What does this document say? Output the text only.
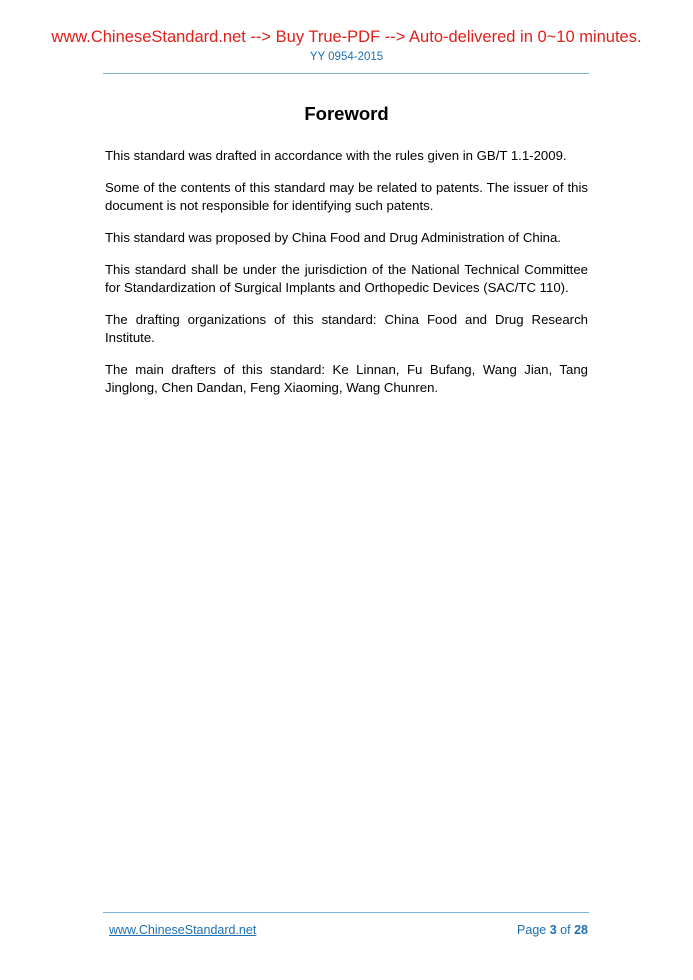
www.ChineseStandard.net --> Buy True-PDF --> Auto-delivered in 0~10 minutes.
YY 0954-2015
Foreword

This standard was drafted in accordance with the rules given in GB/T 1.1-2009.

Some of the contents of this standard may be related to patents. The issuer of this document is not responsible for identifying such patents.

This standard was proposed by China Food and Drug Administration of China.

This standard shall be under the jurisdiction of the National Technical Committee for Standardization of Surgical Implants and Orthopedic Devices (SAC/TC 110).

The drafting organizations of this standard: China Food and Drug Research Institute.

The main drafters of this standard: Ke Linnan, Fu Bufang, Wang Jian, Tang Jinglong, Chen Dandan, Feng Xiaoming, Wang Chunren.

www.ChineseStandard.net	Page 3 of 28
